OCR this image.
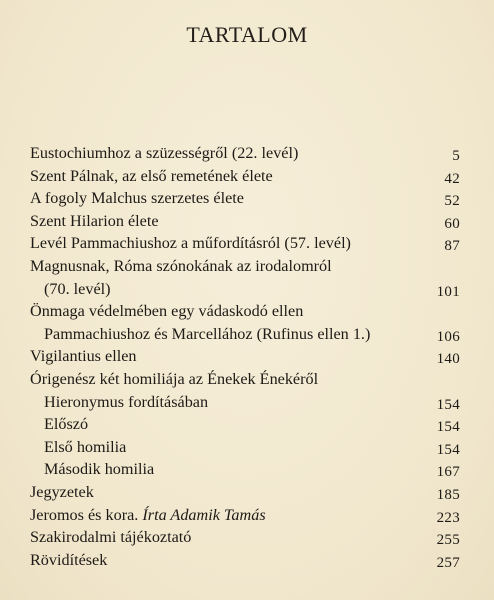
TARTALOM
Eustochiumhoz a szüzességről (22. levél)	5
Szent Pálnak, az első remetének élete	42
A fogoly Malchus szerzetes élete	52
Szent Hilarion élete	60
Levél Pammachiushoz a műfordításról (57. levél)	87
Magnusnak, Róma szónokának az irodalomról
(70. levél)	101
Önmaga védelmében egy vádaskodó ellen
Pammachiushoz és Marcellához (Rufinus ellen 1.)	106
Vigilantius ellen	140
Órigenész két homiliája az Énekek Énekéről
Hieronymus fordításában	154
Előszó	154
Első homilia	154
Második homilia	167
Jegyzetek	185
Jeromos és kora. Írta Adamik Tamás	223
Szakirodalmi tájékoztató	255
Rövidítések	257
